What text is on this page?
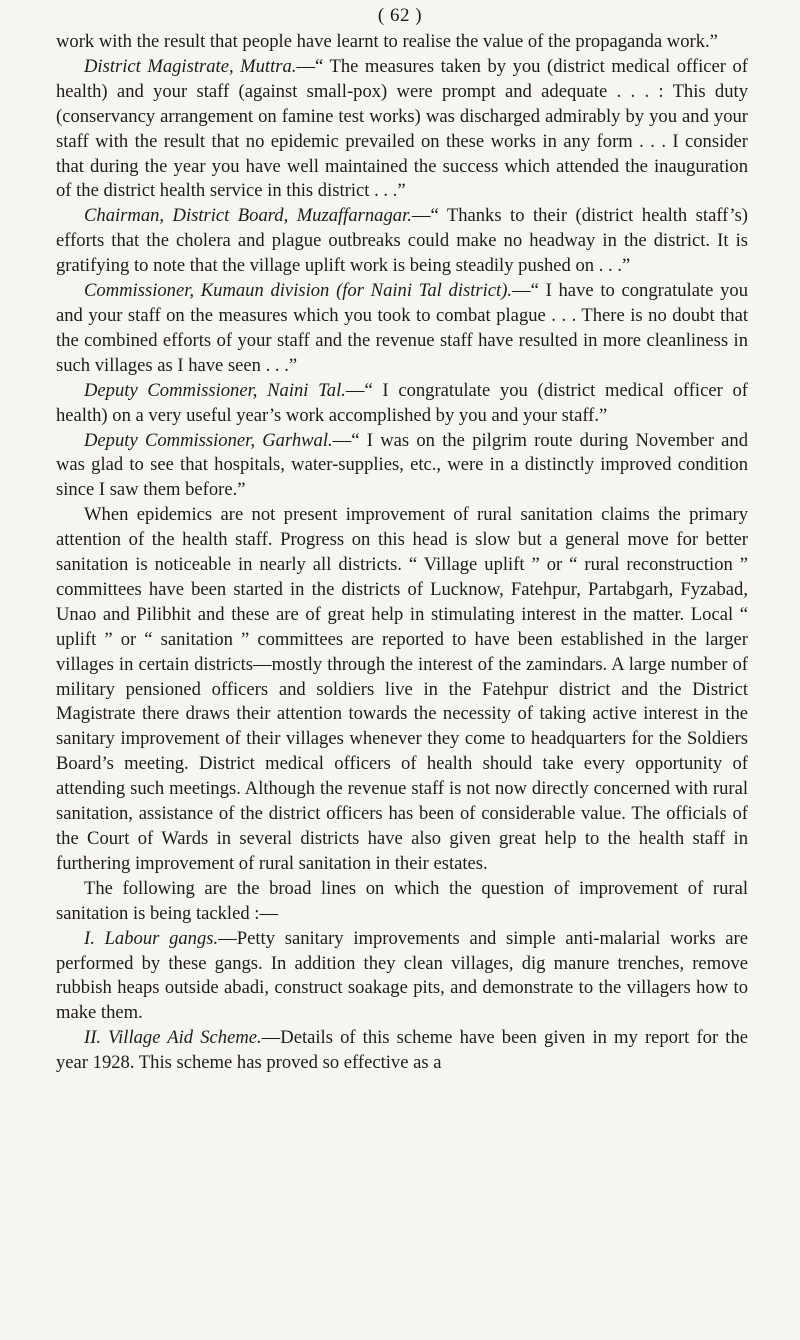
( 62 )

work with the result that people have learnt to realise the value of the propaganda work.”

District Magistrate, Muttra.—“ The measures taken by you (district medical officer of health) and your staff (against small-pox) were prompt and adequate . . . : This duty (conservancy arrangement on famine test works) was discharged admirably by you and your staff with the result that no epidemic prevailed on these works in any form . . . I consider that during the year you have well maintained the success which attended the inauguration of the district health service in this district . . .”

Chairman, District Board, Muzaffarnagar.—“ Thanks to their (district health staff’s) efforts that the cholera and plague outbreaks could make no headway in the district. It is gratifying to note that the village uplift work is being steadily pushed on . . .”

Commissioner, Kumaun division (for Naini Tal district).—“ I have to congratulate you and your staff on the measures which you took to combat plague . . . There is no doubt that the combined efforts of your staff and the revenue staff have resulted in more cleanliness in such villages as I have seen . . .”

Deputy Commissioner, Naini Tal.—“ I congratulate you (district medical officer of health) on a very useful year’s work accomplished by you and your staff.”

Deputy Commissioner, Garhwal.—“ I was on the pilgrim route during November and was glad to see that hospitals, water-supplies, etc., were in a distinctly improved condition since I saw them before.”

When epidemics are not present improvement of rural sanitation claims the primary attention of the health staff. Progress on this head is slow but a general move for better sanitation is noticeable in nearly all districts. “ Village uplift ” or “ rural reconstruction ” committees have been started in the districts of Lucknow, Fatehpur, Partabgarh, Fyzabad, Unao and Pilibhit and these are of great help in stimulating interest in the matter. Local “ uplift ” or “ sanitation ” committees are reported to have been established in the larger villages in certain districts—mostly through the interest of the zamindars. A large number of military pensioned officers and soldiers live in the Fatehpur district and the District Magistrate there draws their attention towards the necessity of taking active interest in the sanitary improvement of their villages whenever they come to headquarters for the Soldiers Board’s meeting. District medical officers of health should take every opportunity of attending such meetings. Although the revenue staff is not now directly concerned with rural sanitation, assistance of the district officers has been of considerable value. The officials of the Court of Wards in several districts have also given great help to the health staff in furthering improvement of rural sanitation in their estates.

The following are the broad lines on which the question of improvement of rural sanitation is being tackled :—

I. Labour gangs.—Petty sanitary improvements and simple anti-malarial works are performed by these gangs. In addition they clean villages, dig manure trenches, remove rubbish heaps outside abadi, construct soakage pits, and demonstrate to the villagers how to make them.

II. Village Aid Scheme.—Details of this scheme have been given in my report for the year 1928. This scheme has proved so effective as a
